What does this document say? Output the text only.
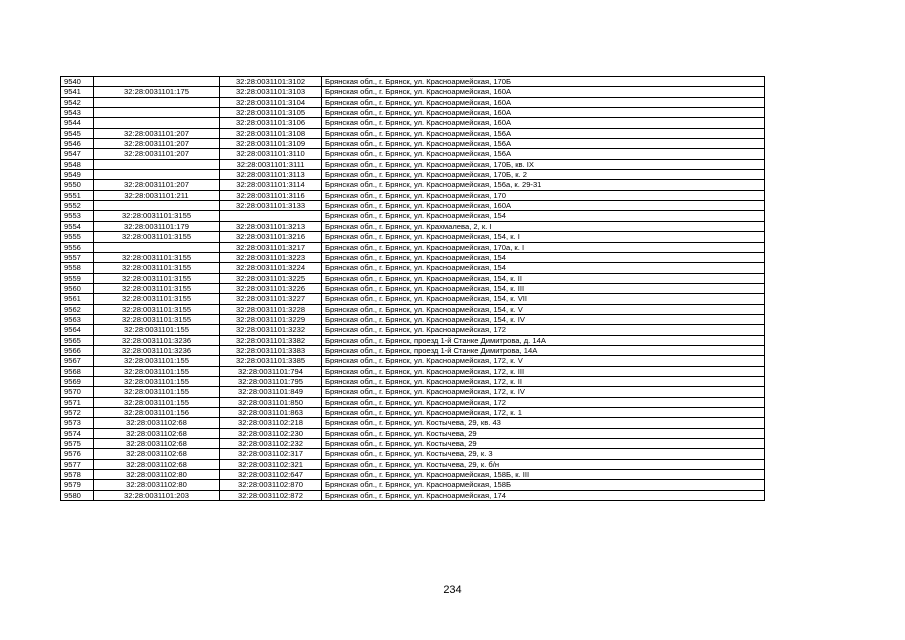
9540		32:28:0031101:3102	Брянская обл., г. Брянск, ул. Красноармейская, 170Б
9541	32:28:0031101:175	32:28:0031101:3103	Брянская обл., г. Брянск, ул. Красноармейская, 160А
9542		32:28:0031101:3104	Брянская обл., г. Брянск, ул. Красноармейская, 160А
9543		32:28:0031101:3105	Брянская обл., г. Брянск, ул. Красноармейская, 160А
9544		32:28:0031101:3106	Брянская обл., г. Брянск, ул. Красноармейская, 160А
9545	32:28:0031101:207	32:28:0031101:3108	Брянская обл., г. Брянск, ул. Красноармейская, 156А
9546	32:28:0031101:207	32:28:0031101:3109	Брянская обл., г. Брянск, ул. Красноармейская, 156А
9547	32:28:0031101:207	32:28:0031101:3110	Брянская обл., г. Брянск, ул. Красноармейская, 156А
9548		32:28:0031101:3111	Брянская обл., г. Брянск, ул. Красноармейская, 170Б, кв. IX
9549		32:28:0031101:3113	Брянская обл., г. Брянск, ул. Красноармейская, 170Б, к. 2
9550	32:28:0031101:207	32:28:0031101:3114	Брянская обл., г. Брянск, ул. Красноармейская, 156а, к. 29-31
9551	32:28:0031101:211	32:28:0031101:3116	Брянская обл., г. Брянск, ул. Красноармейская, 170
9552		32:28:0031101:3133	Брянская обл., г. Брянск, ул. Красноармейская, 160А
9553	32:28:0031101:3155		Брянская обл., г. Брянск, ул. Красноармейская, 154
9554	32:28:0031101:179	32:28:0031101:3213	Брянская обл., г. Брянск, ул. Крахмалева, 2, к. I
9555	32:28:0031101:3155	32:28:0031101:3216	Брянская обл., г. Брянск, ул. Красноармейская, 154, к. I
9556		32:28:0031101:3217	Брянская обл., г. Брянск, ул. Красноармейская, 170а, к. I
9557	32:28:0031101:3155	32:28:0031101:3223	Брянская обл., г. Брянск, ул. Красноармейская, 154
9558	32:28:0031101:3155	32:28:0031101:3224	Брянская обл., г. Брянск, ул. Красноармейская, 154
9559	32:28:0031101:3155	32:28:0031101:3225	Брянская обл., г. Брянск, ул. Красноармейская, 154, к. II
9560	32:28:0031101:3155	32:28:0031101:3226	Брянская обл., г. Брянск, ул. Красноармейская, 154, к. III
9561	32:28:0031101:3155	32:28:0031101:3227	Брянская обл., г. Брянск, ул. Красноармейская, 154, к. VII
9562	32:28:0031101:3155	32:28:0031101:3228	Брянская обл., г. Брянск, ул. Красноармейская, 154, к. V
9563	32:28:0031101:3155	32:28:0031101:3229	Брянская обл., г. Брянск, ул. Красноармейская, 154, к. IV
9564	32:28:0031101:155	32:28:0031101:3232	Брянская обл., г. Брянск, ул. Красноармейская, 172
9565	32:28:0031101:3236	32:28:0031101:3382	Брянская обл., г. Брянск, проезд 1-й Станке Димитрова, д. 14А
9566	32:28:0031101:3236	32:28:0031101:3383	Брянская обл., г. Брянск, проезд 1-й Станке Димитрова, 14А
9567	32:28:0031101:155	32:28:0031101:3385	Брянская обл., г. Брянск, ул. Красноармейская, 172, к. V
9568	32:28:0031101:155	32:28:0031101:794	Брянская обл., г. Брянск, ул. Красноармейская, 172, к. III
9569	32:28:0031101:155	32:28:0031101:795	Брянская обл., г. Брянск, ул. Красноармейская, 172, к. II
9570	32:28:0031101:155	32:28:0031101:849	Брянская обл., г. Брянск, ул. Красноармейская, 172, к. IV
9571	32:28:0031101:155	32:28:0031101:850	Брянская обл., г. Брянск, ул. Красноармейская, 172
9572	32:28:0031101:156	32:28:0031101:863	Брянская обл., г. Брянск, ул. Красноармейская, 172, к. 1
9573	32:28:0031102:68	32:28:0031102:218	Брянская обл., г. Брянск, ул. Костычева, 29, кв. 43
9574	32:28:0031102:68	32:28:0031102:230	Брянская обл., г. Брянск, ул. Костычева, 29
9575	32:28:0031102:68	32:28:0031102:232	Брянская обл., г. Брянск, ул. Костычева, 29
9576	32:28:0031102:68	32:28:0031102:317	Брянская обл., г. Брянск, ул. Костычева, 29, к. 3
9577	32:28:0031102:68	32:28:0031102:321	Брянская обл., г. Брянск, ул. Костычева, 29, к. б/н
9578	32:28:0031102:80	32:28:0031102:647	Брянская обл., г. Брянск, ул. Красноармейская, 158Б, к. III
9579	32:28:0031102:80	32:28:0031102:870	Брянская обл., г. Брянск, ул. Красноармейская, 158Б
9580	32:28:0031101:203	32:28:0031102:872	Брянская обл., г. Брянск, ул. Красноармейская, 174
234
